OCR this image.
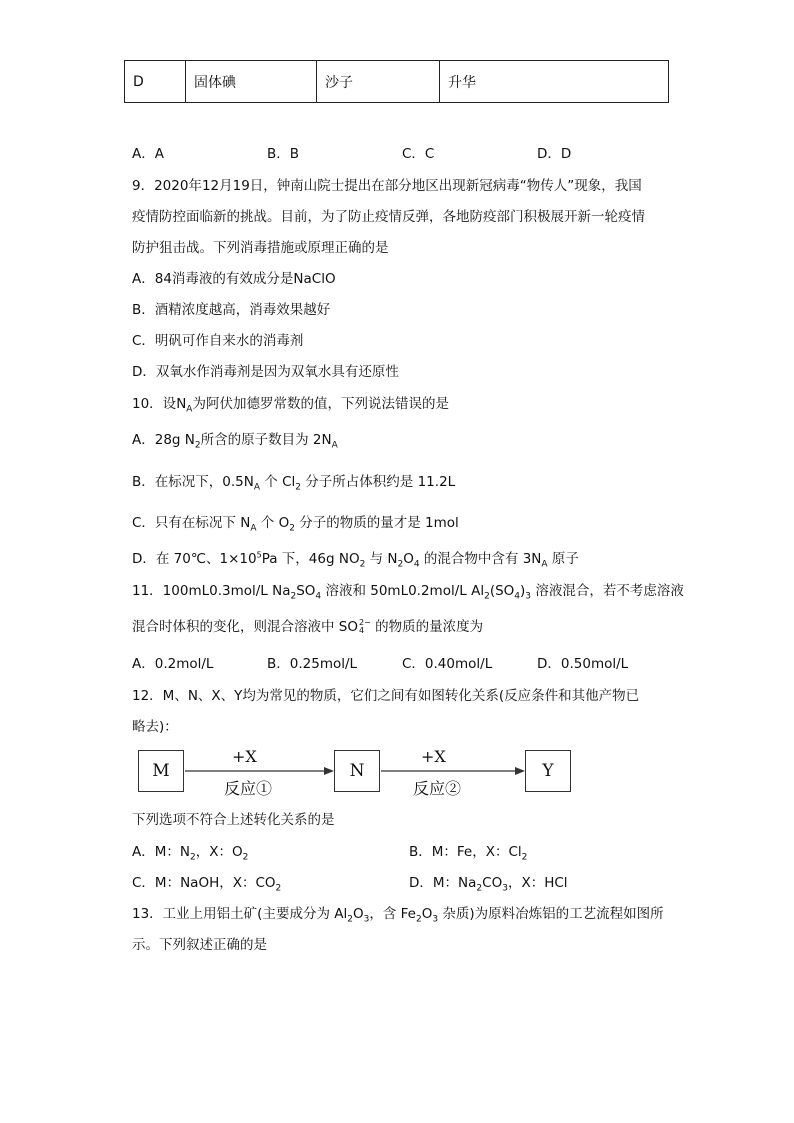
D	固体碘	沙子	升华
A．A	B．B	C．C	D．D
9．2020年12月19日，钟南山院士提出在部分地区出现新冠病毒“物传人”现象，我国
疫情防控面临新的挑战。目前，为了防止疫情反弹，各地防疫部门积极展开新一轮疫情
防护狙击战。下列消毒措施或原理正确的是
A．84消毒液的有效成分是NaClO
B．酒精浓度越高，消毒效果越好
C．明矾可作自来水的消毒剂
D．双氧水作消毒剂是因为双氧水具有还原性
10．设$N_A$为阿伏加德罗常数的值，下列说法错误的是
A．28g $N_2$所含的原子数目为 $2N_A$
B．在标况下，$0.5N_A$ 个 $Cl_2$ 分子所占体积约是 11.2L
C．只有在标况下 $N_A$ 个 $O_2$ 分子的物质的量才是 1mol
D．在 70℃、$1\times 10^5Pa$ 下，46g $NO_2$ 与 $N_2O_4$ 的混合物中含有 $3N_A$ 原子
11．100mL0.3mol/L $Na_2SO_4$ 溶液和 50mL0.2mol/L $Al_2(SO_4)_3$ 溶液混合，若不考虑溶液
混合时体积的变化，则混合溶液中 SO 2−
4 的物质的量浓度为
A．0.2mol/L	B．0.25mol/L	C．0.40mol/L	D．0.50mol/L
12．M、N、X、Y均为常见的物质，它们之间有如图转化关系(反应条件和其他产物已
略去)：
M	N	Y
+X
反应①
+X
反应②
下列选项不符合上述转化关系的是
A．M：$N_2$，X：$O_2$	B．M：Fe，X：$Cl_2$
C．M：NaOH，X：$CO_2$	D．M：$Na_2CO_3$，X：HCl
13．工业上用铝土矿(主要成分为 $Al_2O_3$，含 $Fe_2O_3$ 杂质)为原料冶炼铝的工艺流程如图所
示。下列叙述正确的是
